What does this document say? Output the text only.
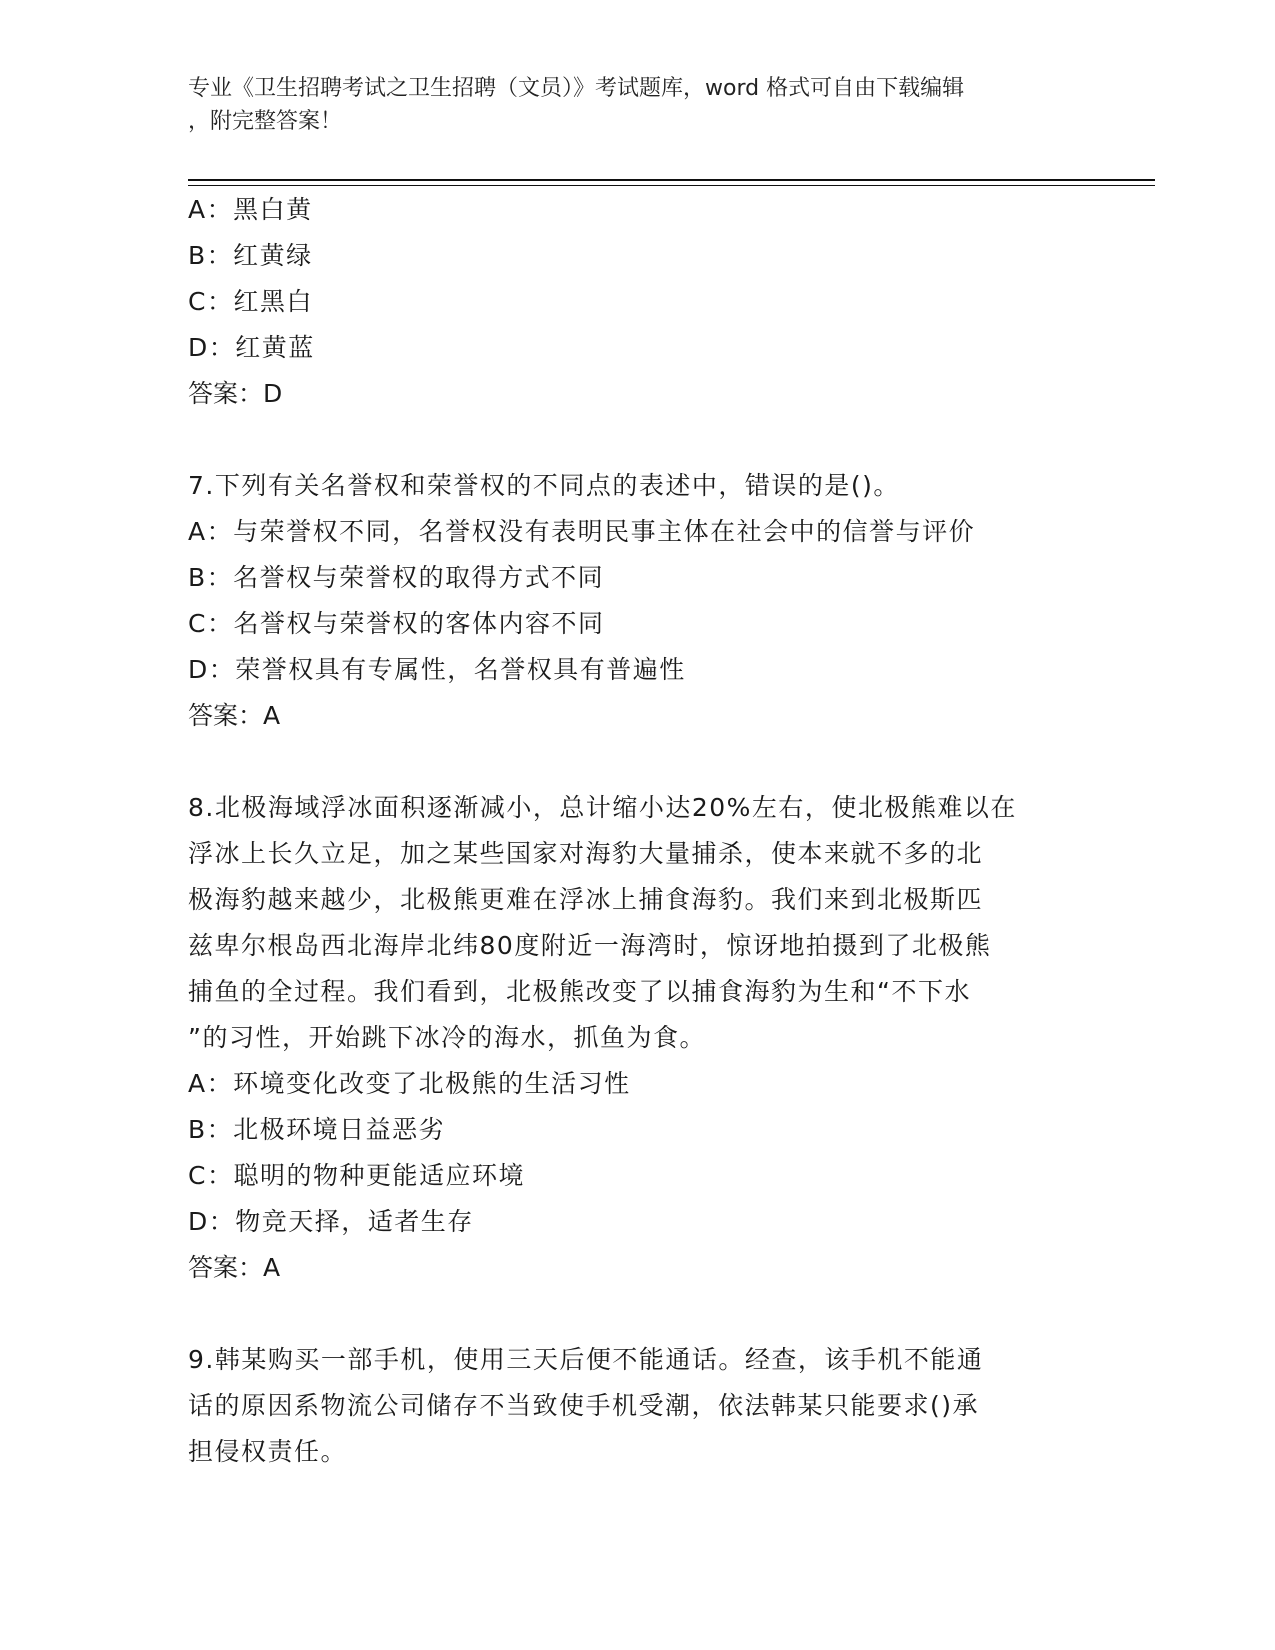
专业《卫生招聘考试之卫生招聘（文员）》考试题库，word 格式可自由下载编辑
，附完整答案！
A：黑白黄
B：红黄绿
C：红黑白
D：红黄蓝
答案：D
7.下列有关名誉权和荣誉权的不同点的表述中，错误的是()。
A：与荣誉权不同，名誉权没有表明民事主体在社会中的信誉与评价
B：名誉权与荣誉权的取得方式不同
C：名誉权与荣誉权的客体内容不同
D：荣誉权具有专属性，名誉权具有普遍性
答案：A
8.北极海域浮冰面积逐渐减小，总计缩小达20%左右，使北极熊难以在
浮冰上长久立足，加之某些国家对海豹大量捕杀，使本来就不多的北
极海豹越来越少，北极熊更难在浮冰上捕食海豹。我们来到北极斯匹
兹卑尔根岛西北海岸北纬80度附近一海湾时，惊讶地拍摄到了北极熊
捕鱼的全过程。我们看到，北极熊改变了以捕食海豹为生和“不下水
”的习性，开始跳下冰冷的海水，抓鱼为食。
A：环境变化改变了北极熊的生活习性
B：北极环境日益恶劣
C：聪明的物种更能适应环境
D：物竞天择，适者生存
答案：A
9.韩某购买一部手机，使用三天后便不能通话。经查，该手机不能通
话的原因系物流公司储存不当致使手机受潮，依法韩某只能要求()承
担侵权责任。
